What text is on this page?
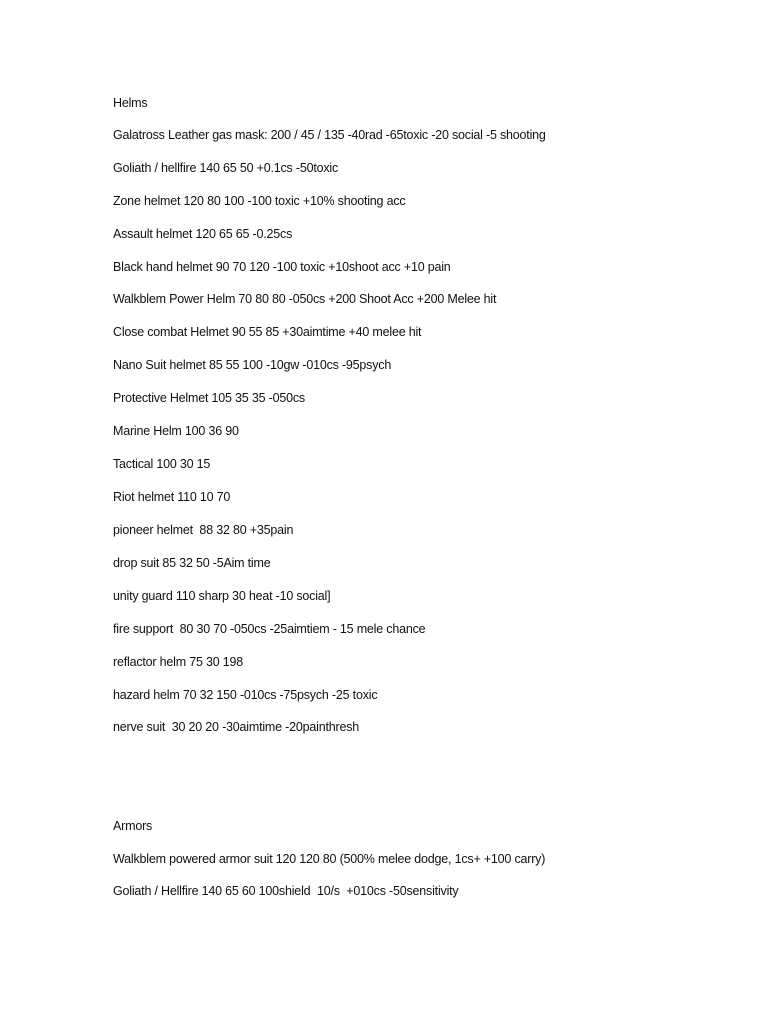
Helms
Galatross Leather gas mask: 200 / 45 / 135 -40rad -65toxic -20 social -5 shooting
Goliath / hellfire 140 65 50 +0.1cs -50toxic
Zone helmet 120 80 100 -100 toxic +10% shooting acc
Assault helmet 120 65 65 -0.25cs
Black hand helmet 90 70 120 -100 toxic +10shoot acc +10 pain
Walkblem Power Helm 70 80 80 -050cs +200 Shoot Acc +200 Melee hit
Close combat Helmet 90 55 85 +30aimtime +40 melee hit
Nano Suit helmet 85 55 100 -10gw -010cs -95psych
Protective Helmet 105 35 35 -050cs
Marine Helm 100 36 90
Tactical 100 30 15
Riot helmet 110 10 70
pioneer helmet  88 32 80 +35pain
drop suit 85 32 50 -5Aim time
unity guard 110 sharp 30 heat -10 social]
fire support  80 30 70 -050cs -25aimtiem - 15 mele chance
reflactor helm 75 30 198
hazard helm 70 32 150 -010cs -75psych -25 toxic
nerve suit  30 20 20 -30aimtime -20painthresh
Armors
Walkblem powered armor suit 120 120 80 (500% melee dodge, 1cs+ +100 carry)
Goliath / Hellfire 140 65 60 100shield  10/s  +010cs -50sensitivity
